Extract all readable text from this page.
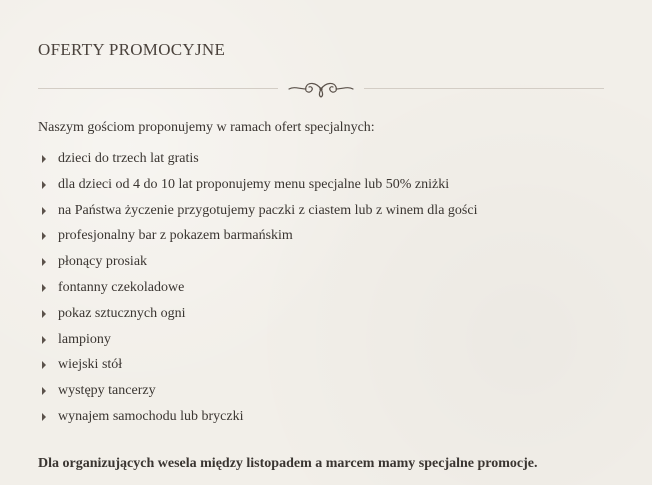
OFERTY PROMOCYJNE

Naszym gościom proponujemy w ramach ofert specjalnych:

dzieci do trzech lat gratis
dla dzieci od 4 do 10 lat proponujemy menu specjalne lub 50% zniżki
na Państwa życzenie przygotujemy paczki z ciastem lub z winem dla gości
profesjonalny bar z pokazem barmańskim
płonący prosiak
fontanny czekoladowe
pokaz sztucznych ogni
lampiony
wiejski stół
występy tancerzy
wynajem samochodu lub bryczki

Dla organizujących wesela między listopadem a marcem mamy specjalne promocje.
